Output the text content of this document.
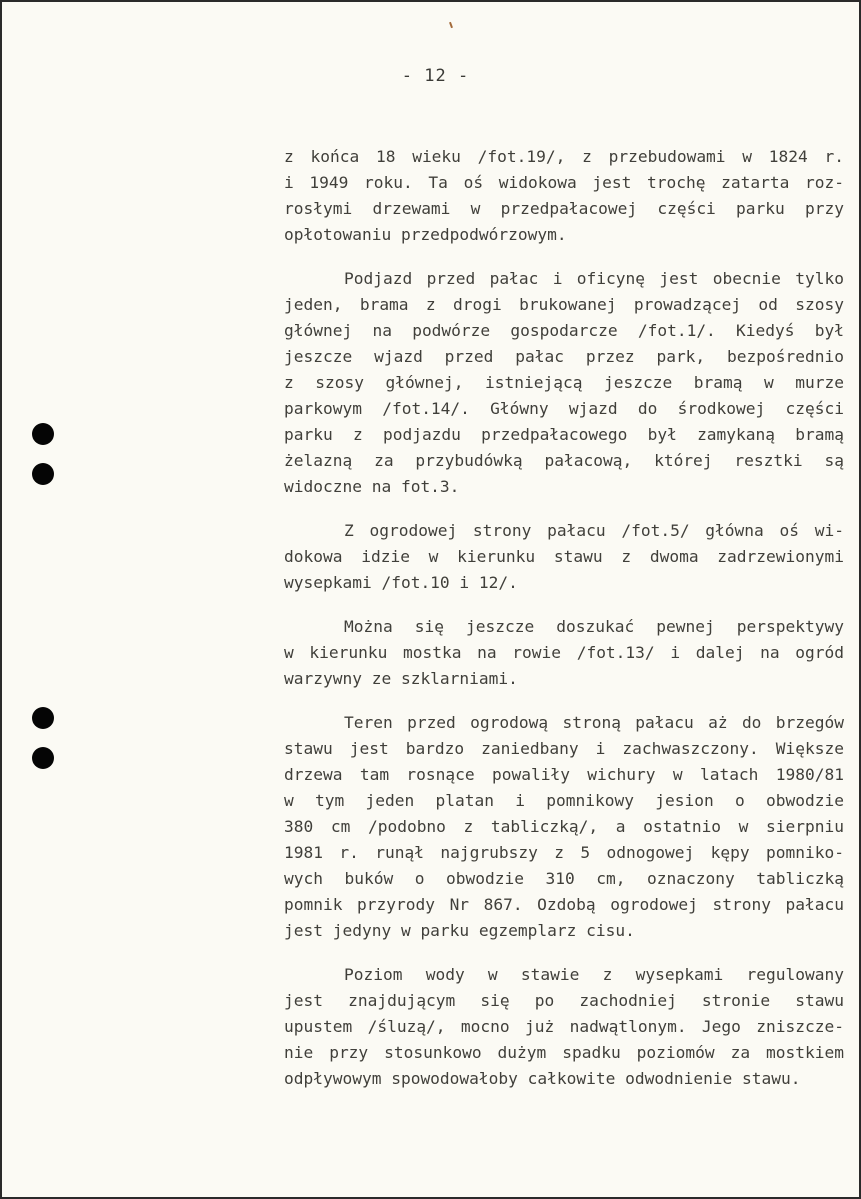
- 12 -
z końca 18 wieku /fot.19/, z przebudowami w 1824 r.
i 1949 roku. Ta oś widokowa jest trochę zatarta roz-
rosłymi drzewami w przedpałacowej części parku przy
opłotowaniu przedpodwórzowym.
Podjazd przed pałac i oficynę jest obecnie tylko
jeden, brama z drogi brukowanej prowadzącej od szosy
głównej na podwórze gospodarcze /fot.1/. Kiedyś był
jeszcze wjazd przed pałac przez park, bezpośrednio
z szosy głównej, istniejącą jeszcze bramą w murze
parkowym /fot.14/. Główny wjazd do środkowej części
parku z podjazdu przedpałacowego był zamykaną bramą
żelazną za przybudówką pałacową, której resztki są
widoczne na fot.3.
Z ogrodowej strony pałacu /fot.5/ główna oś wi-
dokowa idzie w kierunku stawu z dwoma zadrzewionymi
wysepkami /fot.10 i 12/.
Można się jeszcze doszukać pewnej perspektywy
w kierunku mostka na rowie /fot.13/ i dalej na ogród
warzywny ze szklarniami.
Teren przed ogrodową stroną pałacu aż do brzegów
stawu jest bardzo zaniedbany i zachwaszczony. Większe
drzewa tam rosnące powaliły wichury w latach 1980/81
w tym jeden platan i pomnikowy jesion o obwodzie
380 cm /podobno z tabliczką/, a ostatnio w sierpniu
1981 r. runął najgrubszy z 5 odnogowej kępy pomniko-
wych buków o obwodzie 310 cm, oznaczony tabliczką
pomnik przyrody Nr 867. Ozdobą ogrodowej strony pałacu
jest jedyny w parku egzemplarz cisu.
Poziom wody w stawie z wysepkami regulowany
jest znajdującym się po zachodniej stronie stawu
upustem /śluzą/, mocno już nadwątlonym. Jego zniszcze-
nie przy stosunkowo dużym spadku poziomów za mostkiem
odpływowym spowodowałoby całkowite odwodnienie stawu.
